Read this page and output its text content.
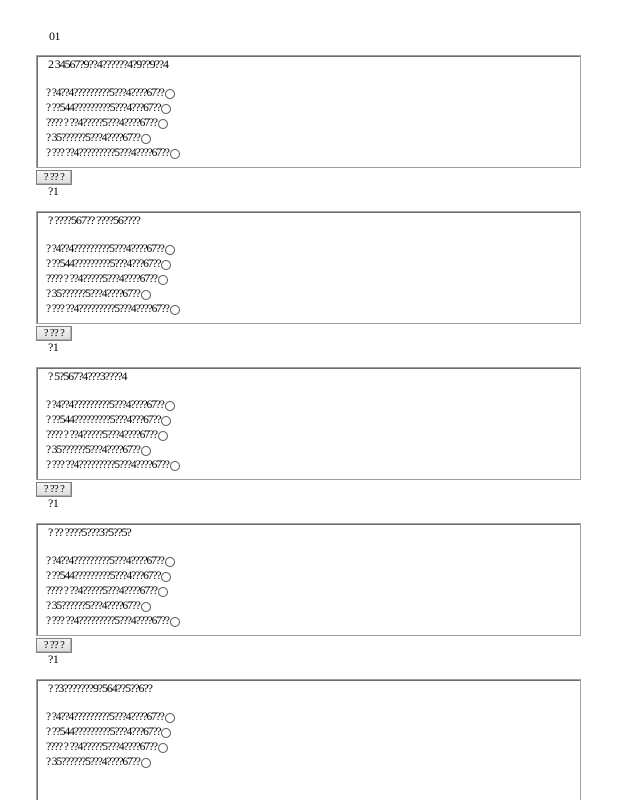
01
2 34567?9??4??????4?9??9??4
? ?4??4?????????5???4????67??
? ??544?????????5???4???67??
???? ? ??4?????5???4????67??
? 35??????5???4????67??
? ??? ??4?????????5???4????67??
? ?? ?
?1
? ????567?? ????56????
? ?4??4?????????5???4????67??
? ??544?????????5???4???67??
???? ? ??4?????5???4????67??
? 35??????5???4????67??
? ??? ??4?????????5???4????67??
? ?? ?
?1
? 5?567?4???3????4
? ?4??4?????????5???4????67??
? ??544?????????5???4???67??
???? ? ??4?????5???4????67??
? 35??????5???4????67??
? ??? ??4?????????5???4????67??
? ?? ?
?1
? ?? ????5???3?5??5?
? ?4??4?????????5???4????67??
? ??544?????????5???4???67??
???? ? ??4?????5???4????67??
? 35??????5???4????67??
? ??? ??4?????????5???4????67??
? ?? ?
?1
? ?3???????9?564??5??6??
? ?4??4?????????5???4????67??
? ??544?????????5???4???67??
???? ? ??4?????5???4????67??
? 35??????5???4????67??
